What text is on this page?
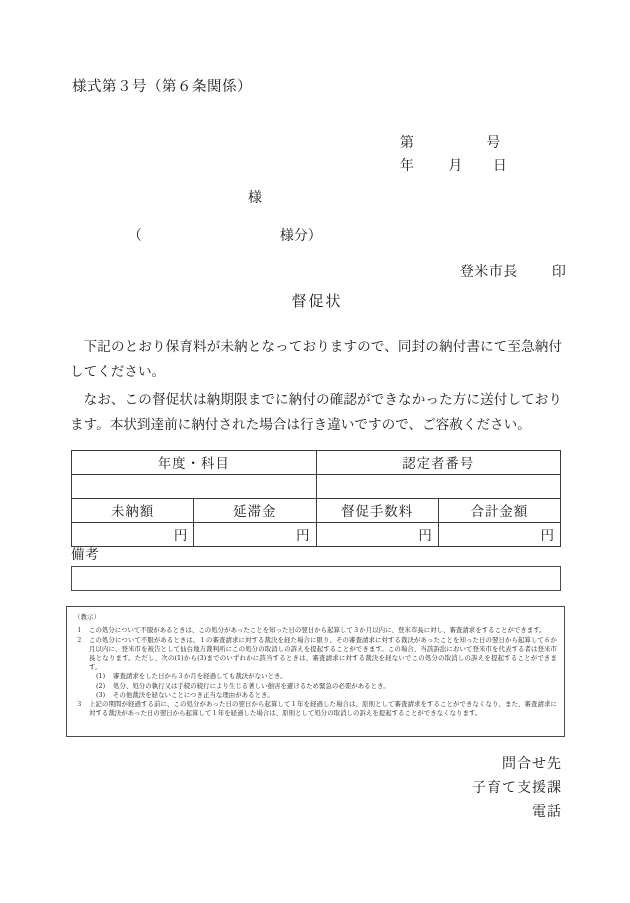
様式第３号（第６条関係）

第	号

年 月 日

様

（	様分）

登米市長 印

督促状

下記のとおり保育料が未納となっておりますので、同封の納付書にて至急納付してください。

なお、この督促状は納期限までに納付の確認ができなかった方に送付しております。本状到達前に納付された場合は行き違いですので、ご容赦ください。

年度・科目		認定者番号	

未納額	延滞金	督促手数料	合計金額
円	円	円	円
備考
（教示）
１ この処分について不服があるときは、この処分があったことを知った日の翌日から起算して３か月以内に、登米市長に対し、審査請求をすることができます。
２ この処分について不服があるときは、１の審査請求に対する裁決を経た場合に限り、その審査請求に対する裁決があったことを知った日の翌日から起算して６か月以内に、登米市を被告として仙台地方裁判所にこの処分の取消しの訴えを提起することができます。この場合、当該訴訟において登米市を代表する者は登米市長となります。ただし、次の(1)から(3)までのいずれかに該当するときは、審査請求に対する裁決を経ないでこの処分の取消しの訴えを提起することができます。
(1) 審査請求をした日から３か月を経過しても裁決がないとき。
(2) 処分、処分の執行又は手続の続行により生じる著しい損害を避けるため緊急の必要があるとき。
(3) その他裁決を経ないことにつき正当な理由があるとき。
３ 上記の期間が経過する前に、この処分があった日の翌日から起算して１年を経過した場合は、原則として審査請求をすることができなくなり、また、審査請求に対する裁決があった日の翌日から起算して１年を経過した場合は、原則として処分の取消しの訴えを提起することができなくなります。
問合せ先
子育て支援課
電話
